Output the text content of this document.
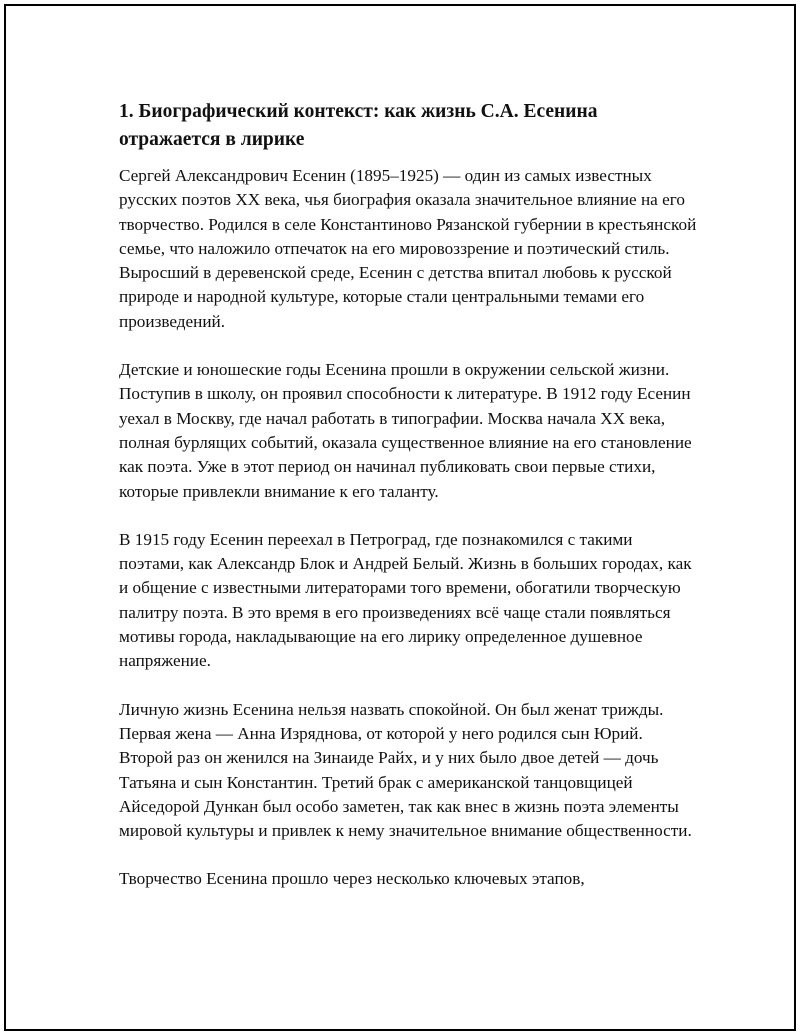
1. Биографический контекст: как жизнь С.А. Есенина отражается в лирике

Сергей Александрович Есенин (1895–1925) — один из самых известных русских поэтов XX века, чья биография оказала значительное влияние на его творчество. Родился в селе Константиново Рязанской губернии в крестьянской семье, что наложило отпечаток на его мировоззрение и поэтический стиль. Выросший в деревенской среде, Есенин с детства впитал любовь к русской природе и народной культуре, которые стали центральными темами его произведений.

Детские и юношеские годы Есенина прошли в окружении сельской жизни. Поступив в школу, он проявил способности к литературе. В 1912 году Есенин уехал в Москву, где начал работать в типографии. Москва начала XX века, полная бурлящих событий, оказала существенное влияние на его становление как поэта. Уже в этот период он начинал публиковать свои первые стихи, которые привлекли внимание к его таланту.

В 1915 году Есенин переехал в Петроград, где познакомился с такими поэтами, как Александр Блок и Андрей Белый. Жизнь в больших городах, как и общение с известными литераторами того времени, обогатили творческую палитру поэта. В это время в его произведениях всё чаще стали появляться мотивы города, накладывающие на его лирику определенное душевное напряжение.

Личную жизнь Есенина нельзя назвать спокойной. Он был женат трижды. Первая жена — Анна Изряднова, от которой у него родился сын Юрий. Второй раз он женился на Зинаиде Райх, и у них было двое детей — дочь Татьяна и сын Константин. Третий брак с американской танцовщицей Айседорой Дункан был особо заметен, так как внес в жизнь поэта элементы мировой культуры и привлек к нему значительное внимание общественности.

Творчество Есенина прошло через несколько ключевых этапов,
